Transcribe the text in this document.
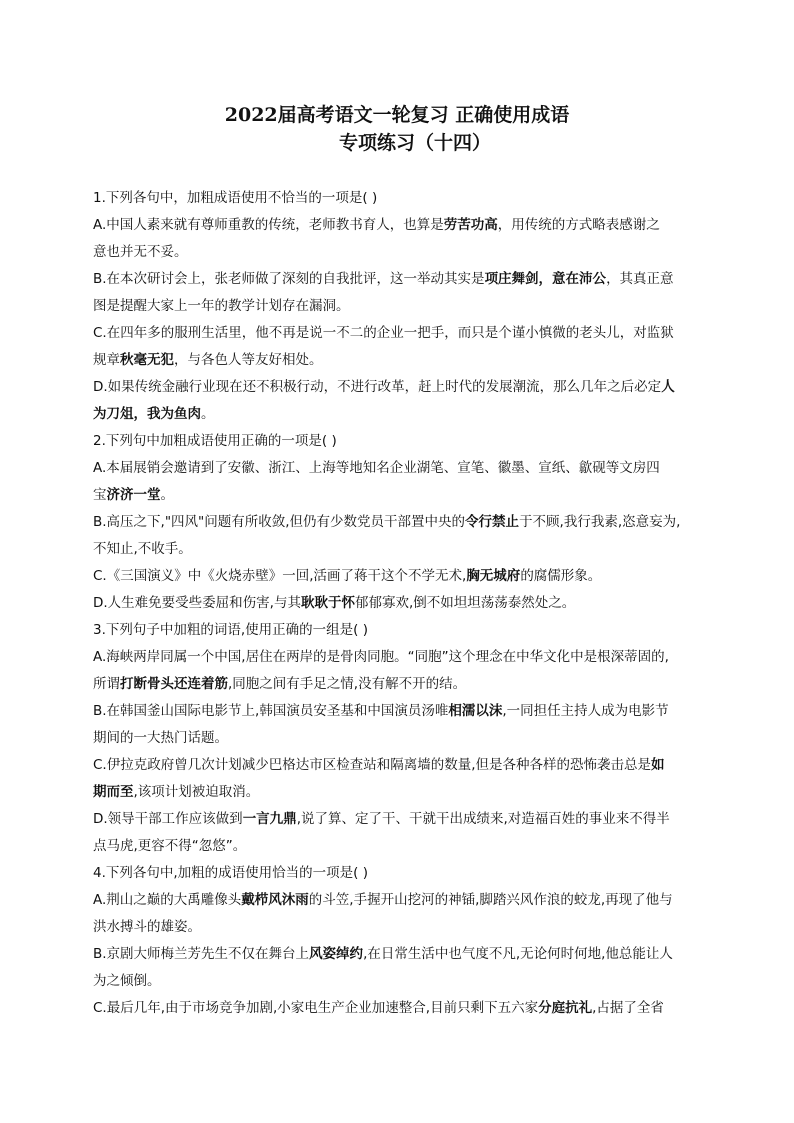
2022届高考语文一轮复习 正确使用成语
专项练习（十四）
1.下列各句中，加粗成语使用不恰当的一项是( )
A.中国人素来就有尊师重教的传统，老师教书育人，也算是劳苦功高，用传统的方式略表感谢之
意也并无不妥。
B.在本次研讨会上，张老师做了深刻的自我批评，这一举动其实是项庄舞剑，意在沛公，其真正意
图是提醒大家上一年的教学计划存在漏洞。
C.在四年多的服刑生活里，他不再是说一不二的企业一把手，而只是个谨小慎微的老头儿，对监狱
规章秋毫无犯，与各色人等友好相处。
D.如果传统金融行业现在还不积极行动，不进行改革，赶上时代的发展潮流，那么几年之后必定人
为刀俎，我为鱼肉。
2.下列句中加粗成语使用正确的一项是( )
A.本届展销会邀请到了安徽、浙江、上海等地知名企业湖笔、宣笔、徽墨、宣纸、歙砚等文房四
宝济济一堂。
B.高压之下,"四风"问题有所收敛,但仍有少数党员干部置中央的令行禁止于不顾,我行我素,恣意妄为,
不知止,不收手。
C.《三国演义》中《火烧赤壁》一回,活画了蒋干这个不学无术,胸无城府的腐儒形象。
D.人生难免要受些委屈和伤害,与其耿耿于怀郁郁寡欢,倒不如坦坦荡荡泰然处之。
3.下列句子中加粗的词语,使用正确的一组是( )
A.海峡两岸同属一个中国,居住在两岸的是骨肉同胞。“同胞”这个理念在中华文化中是根深蒂固的,
所谓打断骨头还连着筋,同胞之间有手足之情,没有解不开的结。
B.在韩国釜山国际电影节上,韩国演员安圣基和中国演员汤唯相濡以沫,一同担任主持人成为电影节
期间的一大热门话题。
C.伊拉克政府曾几次计划减少巴格达市区检查站和隔离墙的数量,但是各种各样的恐怖袭击总是如
期而至,该项计划被迫取消。
D.领导干部工作应该做到一言九鼎,说了算、定了干、干就干出成绩来,对造福百姓的事业来不得半
点马虎,更容不得“忽悠”。
4.下列各句中,加粗的成语使用恰当的一项是( )
A.荆山之巅的大禹雕像头戴栉风沐雨的斗笠,手握开山挖河的神锸,脚踏兴风作浪的蛟龙,再现了他与
洪水搏斗的雄姿。
B.京剧大师梅兰芳先生不仅在舞台上风姿绰约,在日常生活中也气度不凡,无论何时何地,他总能让人
为之倾倒。
C.最后几年,由于市场竞争加剧,小家电生产企业加速整合,目前只剩下五六家分庭抗礼,占据了全省
